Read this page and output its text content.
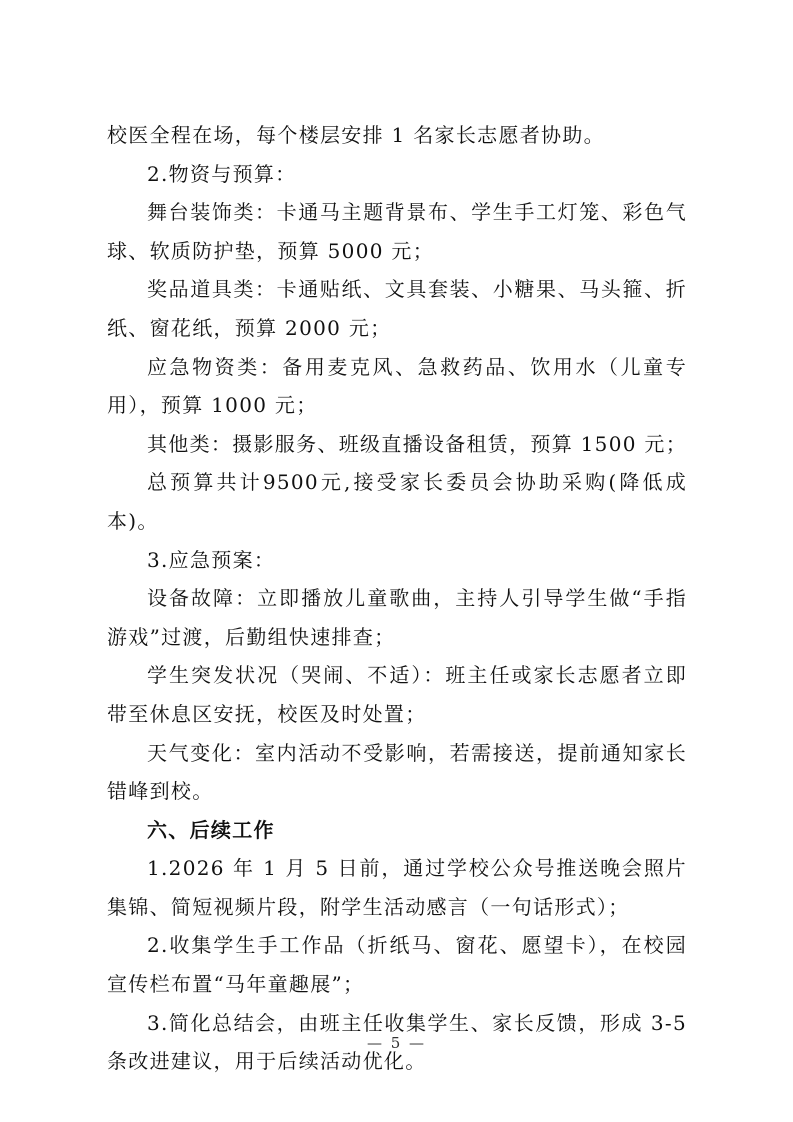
校医全程在场，每个楼层安排 1 名家长志愿者协助。

2.物资与预算：

舞台装饰类：卡通马主题背景布、学生手工灯笼、彩色气球、软质防护垫，预算 5000 元；

奖品道具类：卡通贴纸、文具套装、小糖果、马头箍、折纸、窗花纸，预算 2000 元；

应急物资类：备用麦克风、急救药品、饮用水（儿童专用），预算 1000 元；

其他类：摄影服务、班级直播设备租赁，预算 1500 元；

总预算共计9500元,接受家长委员会协助采购(降低成本)。

3.应急预案：

设备故障：立即播放儿童歌曲，主持人引导学生做“手指游戏”过渡，后勤组快速排查；

学生突发状况（哭闹、不适）：班主任或家长志愿者立即带至休息区安抚，校医及时处置；

天气变化：室内活动不受影响，若需接送，提前通知家长错峰到校。

六、后续工作

1.2026 年 1 月 5 日前，通过学校公众号推送晚会照片集锦、简短视频片段，附学生活动感言（一句话形式）；

2.收集学生手工作品（折纸马、窗花、愿望卡），在校园宣传栏布置“马年童趣展”；

3.简化总结会，由班主任收集学生、家长反馈，形成 3-5 条改进建议，用于后续活动优化。

— 5 —
